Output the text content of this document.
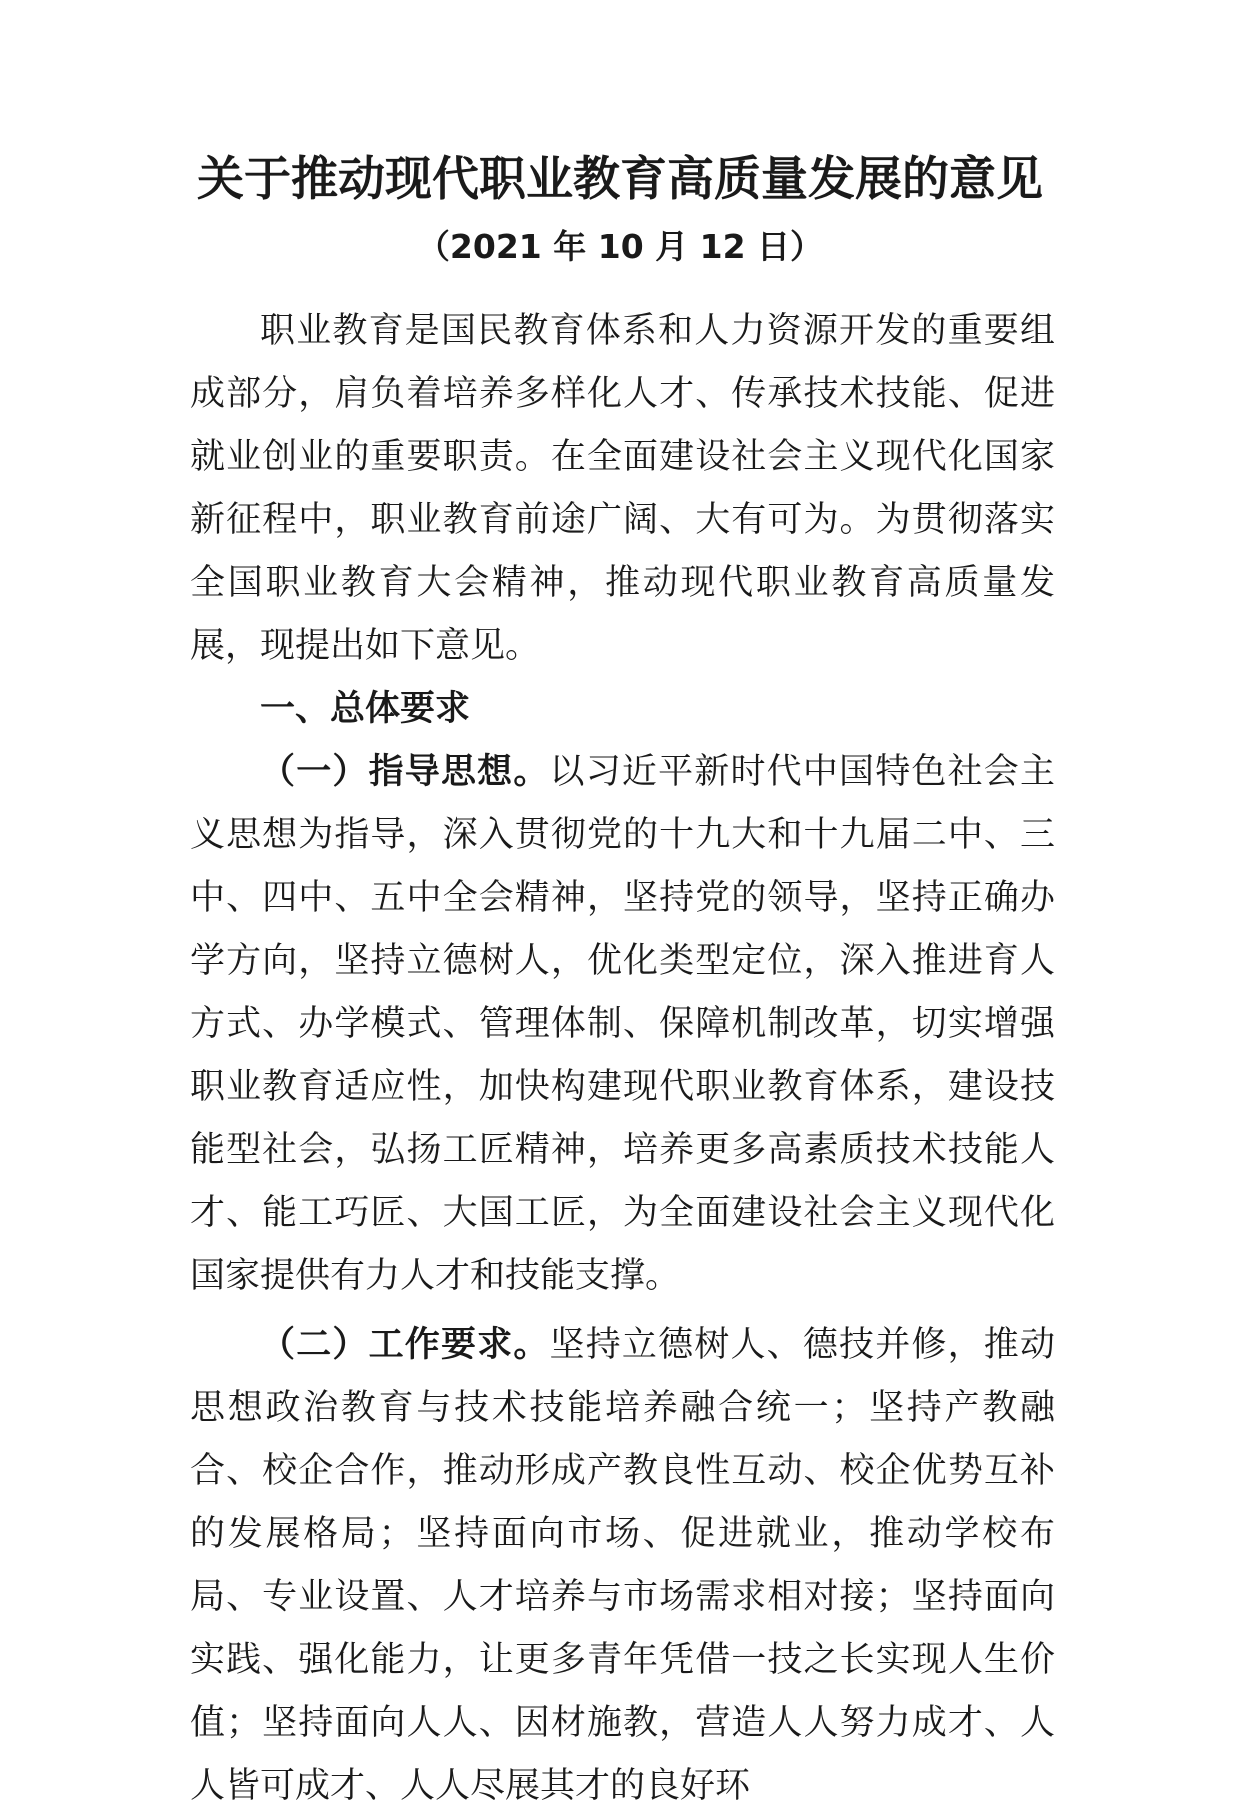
关于推动现代职业教育高质量发展的意见
（2021 年 10 月 12 日）

职业教育是国民教育体系和人力资源开发的重要组成部分，肩负着培养多样化人才、传承技术技能、促进就业创业的重要职责。在全面建设社会主义现代化国家新征程中，职业教育前途广阔、大有可为。为贯彻落实全国职业教育大会精神，推动现代职业教育高质量发展，现提出如下意见。

一、总体要求

（一）指导思想。以习近平新时代中国特色社会主义思想为指导，深入贯彻党的十九大和十九届二中、三中、四中、五中全会精神，坚持党的领导，坚持正确办学方向，坚持立德树人，优化类型定位，深入推进育人方式、办学模式、管理体制、保障机制改革，切实增强职业教育适应性，加快构建现代职业教育体系，建设技能型社会，弘扬工匠精神，培养更多高素质技术技能人才、能工巧匠、大国工匠，为全面建设社会主义现代化国家提供有力人才和技能支撑。

（二）工作要求。坚持立德树人、德技并修，推动思想政治教育与技术技能培养融合统一；坚持产教融合、校企合作，推动形成产教良性互动、校企优势互补的发展格局；坚持面向市场、促进就业，推动学校布局、专业设置、人才培养与市场需求相对接；坚持面向实践、强化能力，让更多青年凭借一技之长实现人生价值；坚持面向人人、因材施教，营造人人努力成才、人人皆可成才、人人尽展其才的良好环
